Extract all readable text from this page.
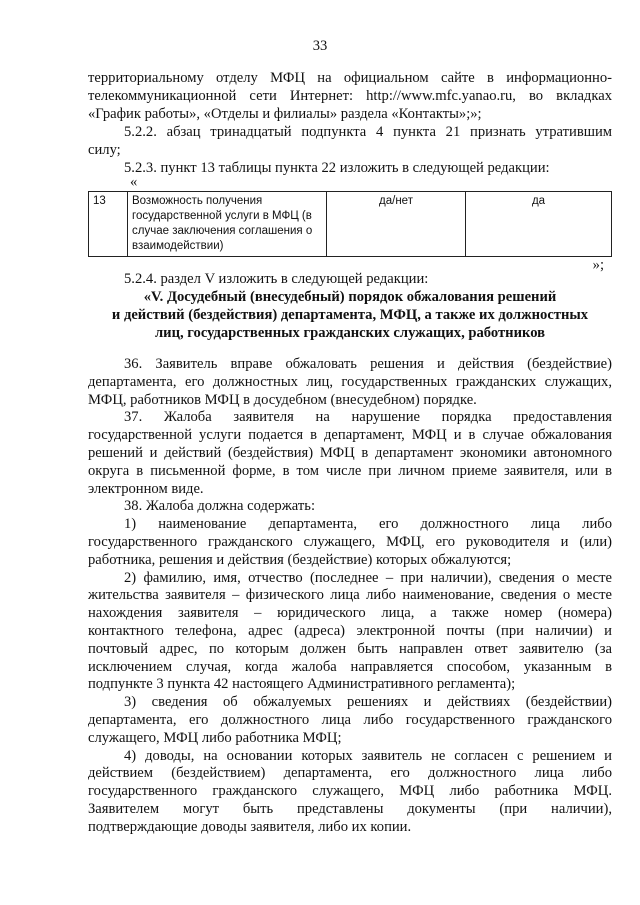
33

территориальному отделу МФЦ на официальном сайте в информационно-

телекоммуникационной сети Интернет: http://www.mfc.yanao.ru, во вкладках

«График работы», «Отделы и филиалы» раздела «Контакты»;»;

5.2.2. абзац тринадцатый подпункта 4 пункта 21 признать утратившим

силу;

5.2.3. пункт 13 таблицы пункта 22 изложить в следующей редакции:

«
13	Возможность получения государственной услуги в МФЦ (в случае заключения соглашения о взаимодействии)	да/нет	да
»;

5.2.4. раздел V изложить в следующей редакции:

«V. Досудебный (внесудебный) порядок обжалования решений
и действий (бездействия) департамента, МФЦ, а также их должностных
лиц, государственных гражданских служащих, работников

36. Заявитель вправе обжаловать решения и действия (бездействие)

департамента, его должностных лиц, государственных гражданских служащих,

МФЦ, работников МФЦ в досудебном (внесудебном) порядке.

37. Жалоба заявителя на нарушение порядка предоставления

государственной услуги подается в департамент, МФЦ и в случае обжалования

решений и действий (бездействия) МФЦ в департамент экономики автономного

округа в письменной форме, в том числе при личном приеме заявителя, или в

электронном виде.

38. Жалоба должна содержать:

1) наименование департамента, его должностного лица либо

государственного гражданского служащего, МФЦ, его руководителя и (или)

работника, решения и действия (бездействие) которых обжалуются;

2) фамилию, имя, отчество (последнее – при наличии), сведения о месте

жительства заявителя – физического лица либо наименование, сведения о месте

нахождения заявителя – юридического лица, а также номер (номера)

контактного телефона, адрес (адреса) электронной почты (при наличии) и

почтовый адрес, по которым должен быть направлен ответ заявителю (за

исключением случая, когда жалоба направляется способом, указанным в

подпункте 3 пункта 42 настоящего Административного регламента);

3) сведения об обжалуемых решениях и действиях (бездействии)

департамента, его должностного лица либо государственного гражданского

служащего, МФЦ либо работника МФЦ;

4) доводы, на основании которых заявитель не согласен с решением и

действием (бездействием) департамента, его должностного лица либо

государственного гражданского служащего, МФЦ либо работника МФЦ.

Заявителем могут быть представлены документы (при наличии),

подтверждающие доводы заявителя, либо их копии.
